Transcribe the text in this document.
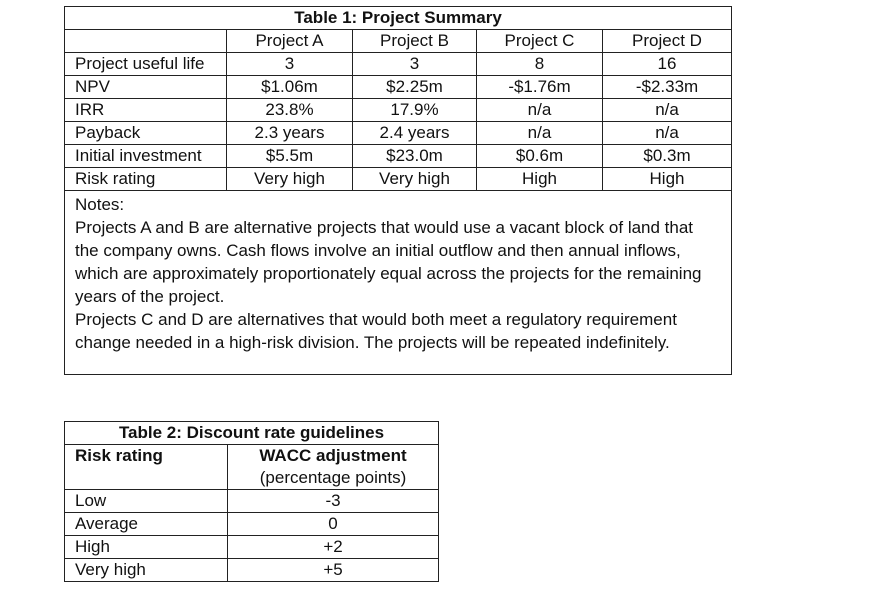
Table 1: Project Summary				
	Project A	Project B	Project C	Project D
Project useful life	3	3	8	16
NPV	$1.06m	$2.25m	-$1.76m	-$2.33m
IRR	23.8%	17.9%	n/a	n/a
Payback	2.3 years	2.4 years	n/a	n/a
Initial investment	$5.5m	$23.0m	$0.6m	$0.3m
Risk rating	Very high	Very high	High	High

Notes:

Projects A and B are alternative projects that would use a vacant block of land that the company owns. Cash flows involve an initial outflow and then annual inflows, which are approximately proportionately equal across the projects for the remaining years of the project.

Projects C and D are alternatives that would both meet a regulatory requirement change needed in a high-risk division. The projects will be repeated indefinitely.				

Table 2: Discount rate guidelines	
Risk rating	WACC adjustment
(percentage points)

Low	-3
Average	0
High	+2
Very high	+5
